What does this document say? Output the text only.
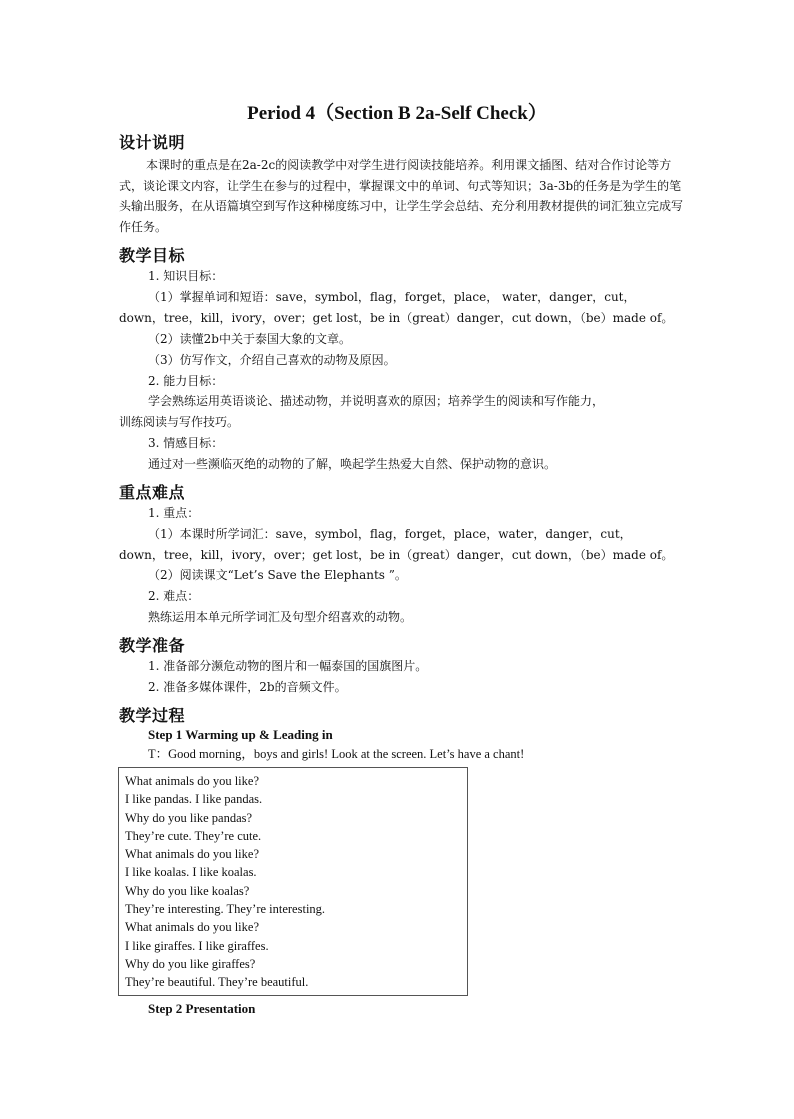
Period 4（Section B 2a-Self Check）
设计说明
本课时的重点是在2a-2c的阅读教学中对学生进行阅读技能培养。利用课文插图、结对合作讨论等方式，谈论课文内容，让学生在参与的过程中，掌握课文中的单词、句式等知识；3a-3b的任务是为学生的笔头输出服务，在从语篇填空到写作这种梯度练习中，让学生学会总结、充分利用教材提供的词汇独立完成写作任务。
教学目标
1. 知识目标：
（1）掌握单词和短语：save，symbol，flag，forget，place， water，danger，cut，
down，tree，kill，ivory，over；get lost，be in（great）danger，cut down，（be）made of。
（2）读懂2b中关于泰国大象的文章。
（3）仿写作文，介绍自己喜欢的动物及原因。
2. 能力目标：
学会熟练运用英语谈论、描述动物，并说明喜欢的原因；培养学生的阅读和写作能力，
训练阅读与写作技巧。
3. 情感目标：
通过对一些濒临灭绝的动物的了解，唤起学生热爱大自然、保护动物的意识。
重点难点
1. 重点：
（1）本课时所学词汇：save，symbol，flag，forget，place，water，danger，cut，
down，tree，kill，ivory，over；get lost，be in（great）danger，cut down，（be）made of。
（2）阅读课文“Let’s Save the Elephants ”。
2. 难点：
熟练运用本单元所学词汇及句型介绍喜欢的动物。
教学准备
1. 准备部分濒危动物的图片和一幅泰国的国旗图片。
2. 准备多媒体课件，2b的音频文件。
教学过程
Step 1 Warming up & Leading in
T：Good morning，boys and girls! Look at the screen. Let’s have a chant!
What animals do you like?
I like pandas. I like pandas.
Why do you like pandas?
They’re cute. They’re cute.
What animals do you like?
I like koalas. I like koalas.
Why do you like koalas?
They’re interesting. They’re interesting.
What animals do you like?
I like giraffes. I like giraffes.
Why do you like giraffes?
They’re beautiful. They’re beautiful.
Step 2 Presentation
